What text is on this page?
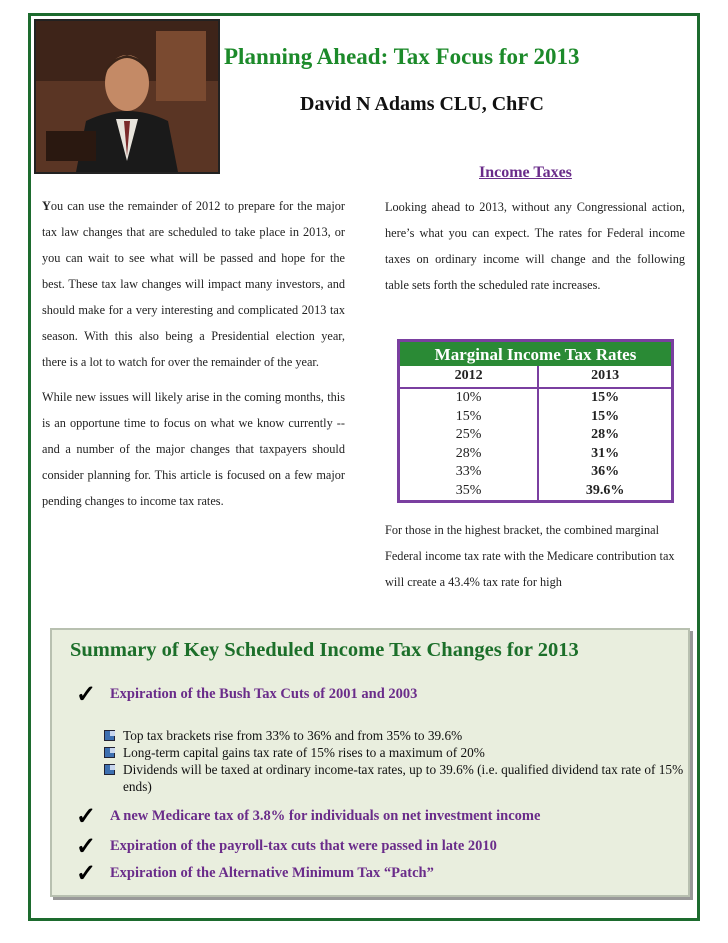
Planning Ahead: Tax Focus for 2013
David N Adams CLU, ChFC

You can use the remainder of 2012 to prepare for the major tax law changes that are scheduled to take place in 2013, or you can wait to see what will be passed and hope for the best. These tax law changes will impact many investors, and should make for a very interesting and complicated 2013 tax season. With this also being a Presidential election year, there is a lot to watch for over the remainder of the year.

While new issues will likely arise in the coming months, this is an opportune time to focus on what we know currently -- and a number of the major changes that taxpayers should consider planning for. This article is focused on a few major pending changes to income tax rates.

Income Taxes

Looking ahead to 2013, without any Congressional action, here’s what you can expect. The rates for Federal income taxes on ordinary income will change and the following table sets forth the scheduled rate increases.

Marginal Income Tax Rates
2012	2013
10%	15%
15%	15%
25%	28%
28%	31%
33%	36%
35%	39.6%

For those in the highest bracket, the combined marginal Federal income tax rate with the Medicare contribution tax will create a 43.4% tax rate for high

Summary of Key Scheduled Income Tax Changes for 2013
✓ Expiration of the Bush Tax Cuts of 2001 and 2003
Top tax brackets rise from 33% to 36% and from 35% to 39.6%
Long-term capital gains tax rate of 15% rises to a maximum of 20%
Dividends will be taxed at ordinary income-tax rates, up to 39.6% (i.e. qualified dividend tax rate of 15% ends)
✓ A new Medicare tax of 3.8% for individuals on net investment income
✓ Expiration of the payroll-tax cuts that were passed in late 2010
✓ Expiration of the Alternative Minimum Tax “Patch”
